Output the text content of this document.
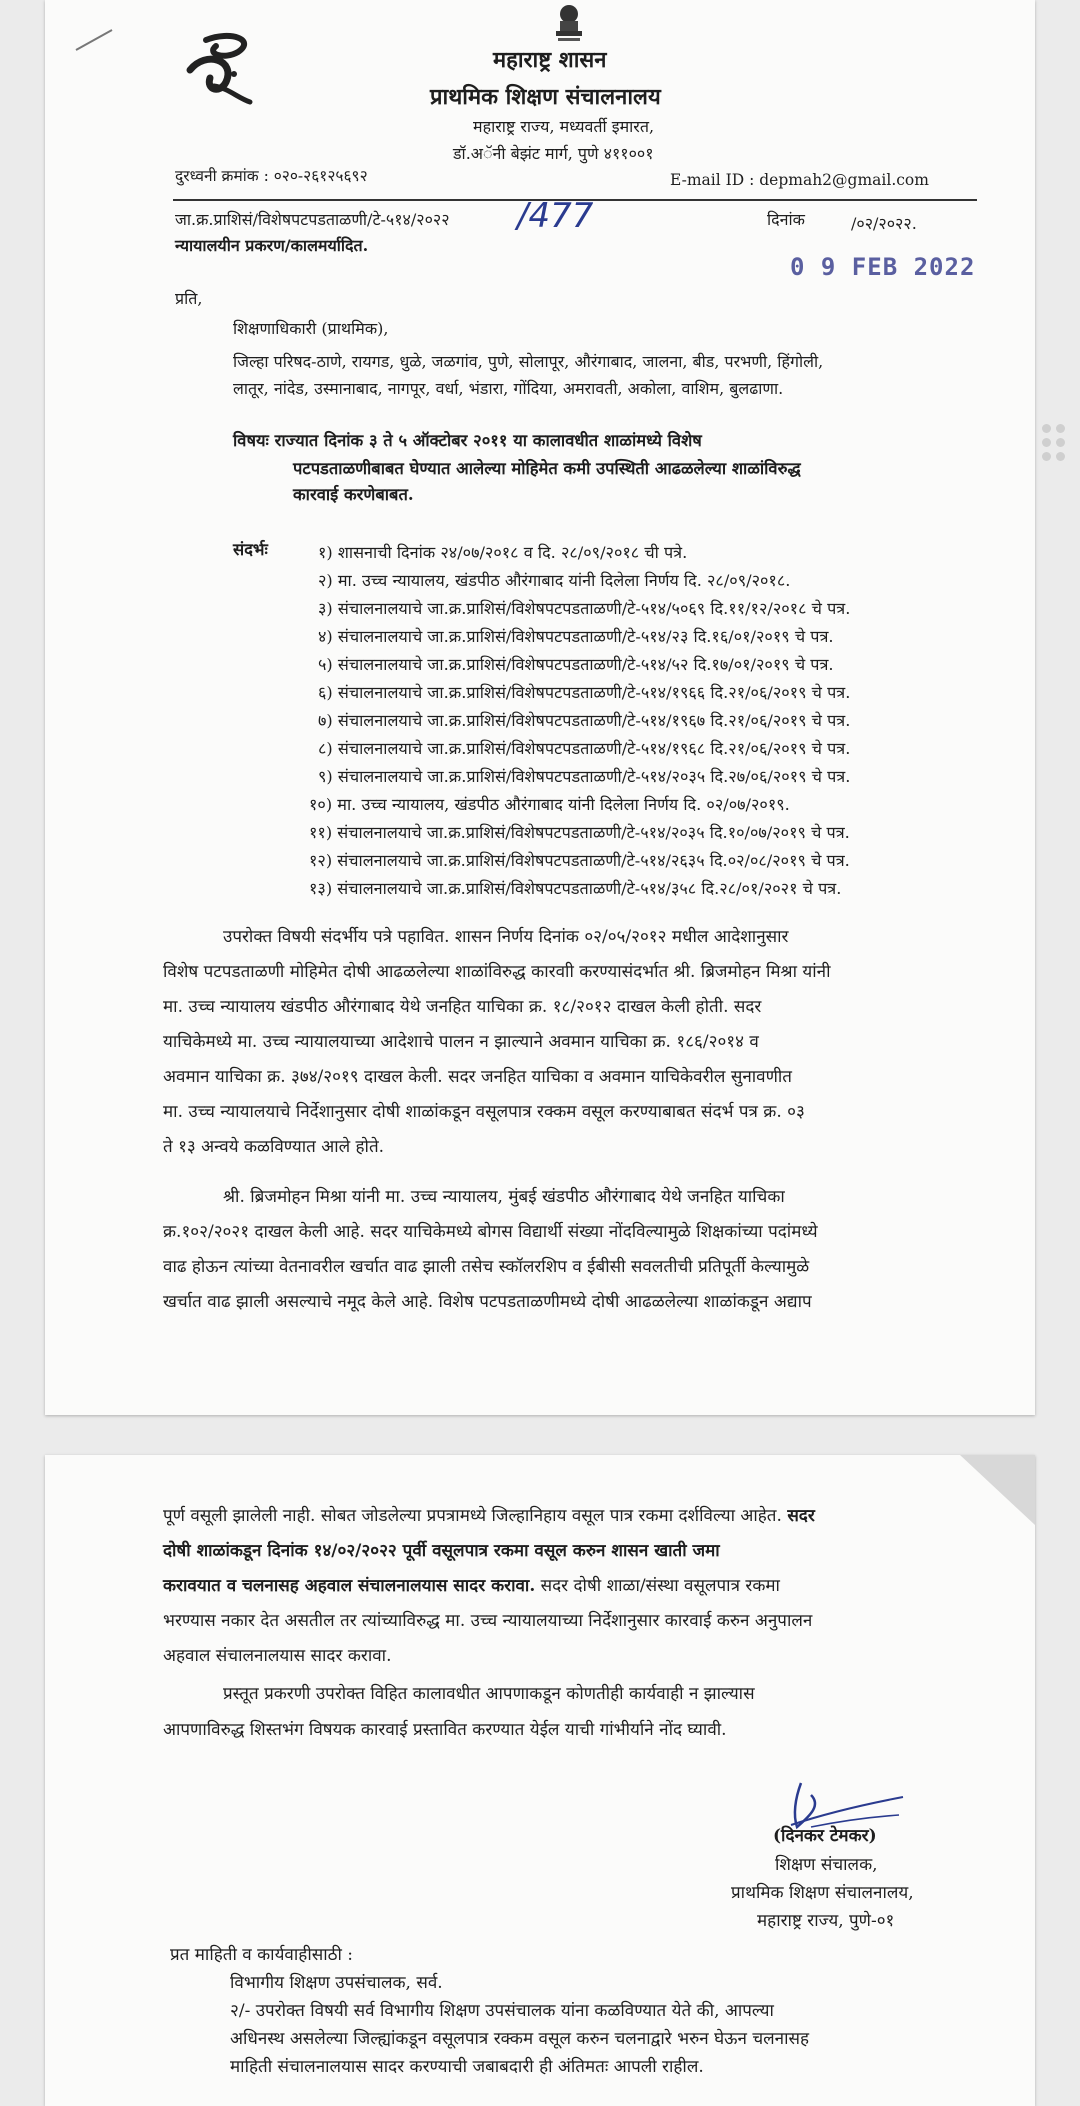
महाराष्ट्र शासन
प्राथमिक शिक्षण संचालनालय
महाराष्ट्र राज्य, मध्यवर्ती इमारत,
डॉ.अॅनी बेझंट मार्ग, पुणे ४११००१
दुरध्वनी क्रमांक : ०२०-२६१२५६९२	E-mail ID : depmah2@gmail.com
जा.क्र.प्राशिसं/विशेषपटपडताळणी/टे-५१४/२०२२ /477	दिनांक	/०२/२०२२.
न्यायालयीन प्रकरण/कालमर्यादित.
0 9 FEB 2022
प्रति,
शिक्षणाधिकारी (प्राथमिक),
जिल्हा परिषद-ठाणे, रायगड, धुळे, जळगांव, पुणे, सोलापूर, औरंगाबाद, जालना, बीड, परभणी, हिंगोली,
लातूर, नांदेड, उस्मानाबाद, नागपूर, वर्धा, भंडारा, गोंदिया, अमरावती, अकोला, वाशिम, बुलढाणा.
विषयः राज्यात दिनांक ३ ते ५ ऑक्टोबर २०११ या कालावधीत शाळांमध्ये विशेष
पटपडताळणीबाबत घेण्यात आलेल्या मोहिमेत कमी उपस्थिती आढळलेल्या शाळांविरुद्ध
कारवाई करणेबाबत.
संदर्भः	१) शासनाची दिनांक २४/०७/२०१८ व दि. २८/०९/२०१८ ची पत्रे.
२) मा. उच्च न्यायालय, खंडपीठ औरंगाबाद यांनी दिलेला निर्णय दि. २८/०९/२०१८.
३) संचालनालयाचे जा.क्र.प्राशिसं/विशेषपटपडताळणी/टे-५१४/५०६९ दि.११/१२/२०१८ चे पत्र.
४) संचालनालयाचे जा.क्र.प्राशिसं/विशेषपटपडताळणी/टे-५१४/२३ दि.१६/०१/२०१९ चे पत्र.
५) संचालनालयाचे जा.क्र.प्राशिसं/विशेषपटपडताळणी/टे-५१४/५२ दि.१७/०१/२०१९ चे पत्र.
६) संचालनालयाचे जा.क्र.प्राशिसं/विशेषपटपडताळणी/टे-५१४/१९६६ दि.२१/०६/२०१९ चे पत्र.
७) संचालनालयाचे जा.क्र.प्राशिसं/विशेषपटपडताळणी/टे-५१४/१९६७ दि.२१/०६/२०१९ चे पत्र.
८) संचालनालयाचे जा.क्र.प्राशिसं/विशेषपटपडताळणी/टे-५१४/१९६८ दि.२१/०६/२०१९ चे पत्र.
९) संचालनालयाचे जा.क्र.प्राशिसं/विशेषपटपडताळणी/टे-५१४/२०३५ दि.२७/०६/२०१९ चे पत्र.
१०) मा. उच्च न्यायालय, खंडपीठ औरंगाबाद यांनी दिलेला निर्णय दि. ०२/०७/२०१९.
११) संचालनालयाचे जा.क्र.प्राशिसं/विशेषपटपडताळणी/टे-५१४/२०३५ दि.१०/०७/२०१९ चे पत्र.
१२) संचालनालयाचे जा.क्र.प्राशिसं/विशेषपटपडताळणी/टे-५१४/२६३५ दि.०२/०८/२०१९ चे पत्र.
१३) संचालनालयाचे जा.क्र.प्राशिसं/विशेषपटपडताळणी/टे-५१४/३५८ दि.२८/०१/२०२१ चे पत्र.
उपरोक्त विषयी संदर्भीय पत्रे पहावित. शासन निर्णय दिनांक ०२/०५/२०१२ मधील आदेशानुसार
विशेष पटपडताळणी मोहिमेत दोषी आढळलेल्या शाळांविरुद्ध कारवाी करण्यासंदर्भात श्री. ब्रिजमोहन मिश्रा यांनी
मा. उच्च न्यायालय खंडपीठ औरंगाबाद येथे जनहित याचिका क्र. १८/२०१२ दाखल केली होती. सदर
याचिकेमध्ये मा. उच्च न्यायालयाच्या आदेशाचे पालन न झाल्याने अवमान याचिका क्र. १८६/२०१४ व
अवमान याचिका क्र. ३७४/२०१९ दाखल केली. सदर जनहित याचिका व अवमान याचिकेवरील सुनावणीत
मा. उच्च न्यायालयाचे निर्देशानुसार दोषी शाळांकडून वसूलपात्र रक्कम वसूल करण्याबाबत संदर्भ पत्र क्र. ०३
ते १३ अन्वये कळविण्यात आले होते.
श्री. ब्रिजमोहन मिश्रा यांनी मा. उच्च न्यायालय, मुंबई खंडपीठ औरंगाबाद येथे जनहित याचिका
क्र.१०२/२०२१ दाखल केली आहे. सदर याचिकेमध्ये बोगस विद्यार्थी संख्या नोंदविल्यामुळे शिक्षकांच्या पदांमध्ये
वाढ होऊन त्यांच्या वेतनावरील खर्चात वाढ झाली तसेच स्कॉलरशिप व ईबीसी सवलतीची प्रतिपूर्ती केल्यामुळे
खर्चात वाढ झाली असल्याचे नमूद केले आहे. विशेष पटपडताळणीमध्ये दोषी आढळलेल्या शाळांकडून अद्याप
पूर्ण वसूली झालेली नाही. सोबत जोडलेल्या प्रपत्रामध्ये जिल्हानिहाय वसूल पात्र रकमा दर्शविल्या आहेत. सदर
दोषी शाळांकडून दिनांक १४/०२/२०२२ पूर्वी वसूलपात्र रकमा वसूल करुन शासन खाती जमा
करावयात व चलनासह अहवाल संचालनालयास सादर करावा. सदर दोषी शाळा/संस्था वसूलपात्र रकमा
भरण्यास नकार देत असतील तर त्यांच्याविरुद्ध मा. उच्च न्यायालयाच्या निर्देशानुसार कारवाई करुन अनुपालन
अहवाल संचालनालयास सादर करावा.
प्रस्तूत प्रकरणी उपरोक्त विहित कालावधीत आपणाकडून कोणतीही कार्यवाही न झाल्यास
आपणाविरुद्ध शिस्तभंग विषयक कारवाई प्रस्तावित करण्यात येईल याची गांभीर्याने नोंद घ्यावी.
(दिनकर टेमकर)
शिक्षण संचालक,
प्राथमिक शिक्षण संचालनालय,
महाराष्ट्र राज्य, पुणे-०१
प्रत माहिती व कार्यवाहीसाठी :
विभागीय शिक्षण उपसंचालक, सर्व.
२/- उपरोक्त विषयी सर्व विभागीय शिक्षण उपसंचालक यांना कळविण्यात येते की, आपल्या
अधिनस्थ असलेल्या जिल्ह्यांकडून वसूलपात्र रक्कम वसूल करुन चलनाद्वारे भरुन घेऊन चलनासह
माहिती संचालनालयास सादर करण्याची जबाबदारी ही अंतिमतः आपली राहील.
